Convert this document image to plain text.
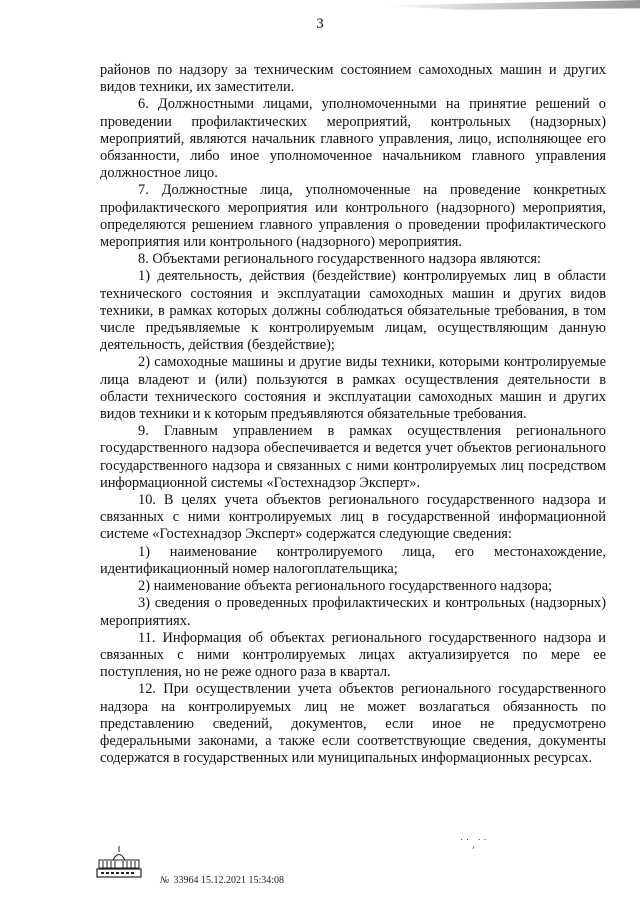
3

районов по надзору за техническим состоянием самоходных машин и других видов техники, их заместители.

6. Должностными лицами, уполномоченными на принятие решений о проведении профилактических мероприятий, контрольных (надзорных) мероприятий, являются начальник главного управления, лицо, исполняющее его обязанности, либо иное уполномоченное начальником главного управления должностное лицо.

7. Должностные лица, уполномоченные на проведение конкретных профилактического мероприятия или контрольного (надзорного) мероприятия, определяются решением главного управления о проведении профилактического мероприятия или контрольного (надзорного) мероприятия.

8. Объектами регионального государственного надзора являются:

1) деятельность, действия (бездействие) контролируемых лиц в области технического состояния и эксплуатации самоходных машин и других видов техники, в рамках которых должны соблюдаться обязательные требования, в том числе предъявляемые к контролируемым лицам, осуществляющим данную деятельность, действия (бездействие);

2) самоходные машины и другие виды техники, которыми контролируемые лица владеют и (или) пользуются в рамках осуществления деятельности в области технического состояния и эксплуатации самоходных машин и других видов техники и к которым предъявляются обязательные требования.

9. Главным управлением в рамках осуществления регионального государственного надзора обеспечивается и ведется учет объектов регионального государственного надзора и связанных с ними контролируемых лиц посредством информационной системы «Гостехнадзор Эксперт».

10. В целях учета объектов регионального государственного надзора и связанных с ними контролируемых лиц в государственной информационной системе «Гостехнадзор Эксперт» содержатся следующие сведения:

1) наименование контролируемого лица, его местонахождение, идентификационный номер налогоплательщика;

2) наименование объекта регионального государственного надзора;

3) сведения о проведенных профилактических и контрольных (надзорных) мероприятиях.

11. Информация об объектах регионального государственного надзора и связанных с ними контролируемых лицах актуализируется по мере ее поступления, но не реже одного раза в квартал.

12. При осуществлении учета объектов регионального государственного надзора на контролируемых лиц не может возлагаться обязанность по представлению сведений, документов, если иное не предусмотрено федеральными законами, а также если соответствующие сведения, документы содержатся в государственных или муниципальных информационных ресурсах.

№ 33964 15.12.2021 15:34:08
˙ ˙ ¸ ˙ ˙
